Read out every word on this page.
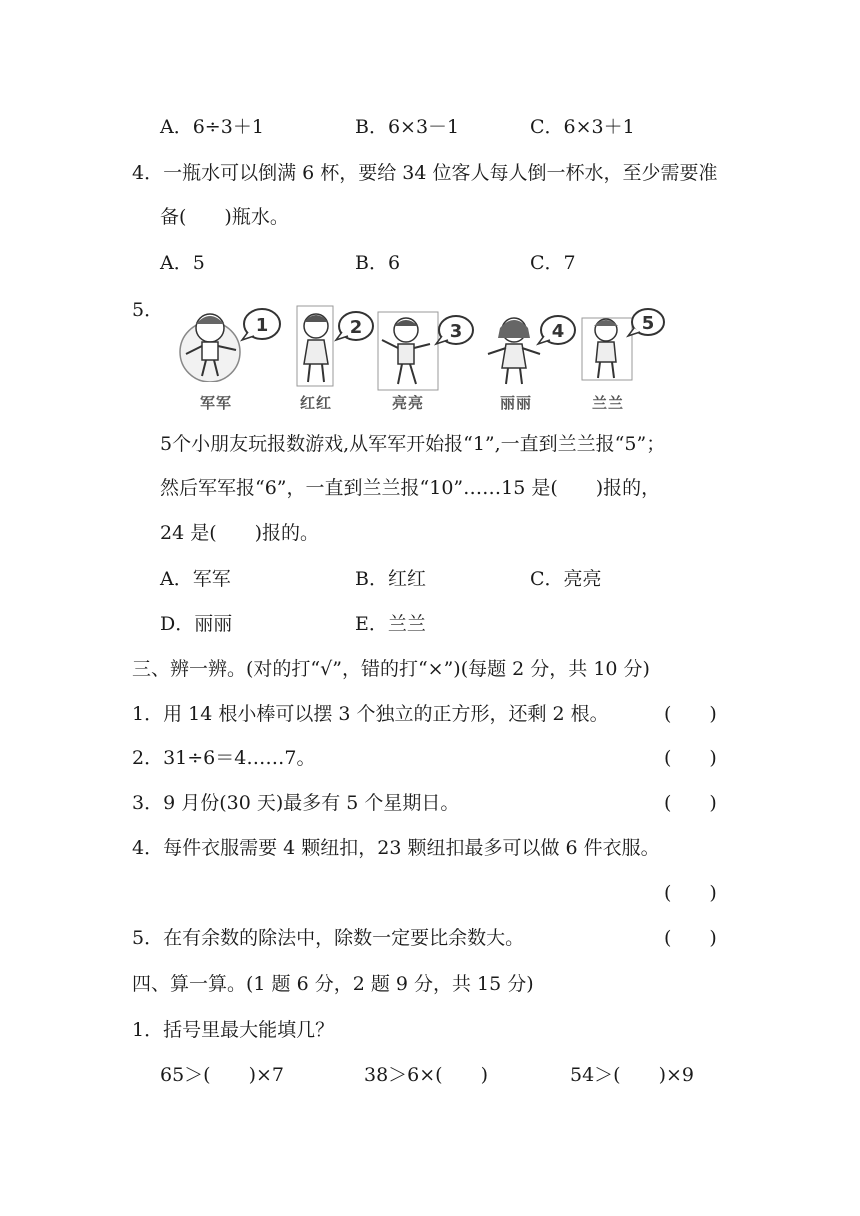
A．6÷3＋1	B．6×3－1	C．6×3＋1
4．一瓶水可以倒满 6 杯，要给 34 位客人每人倒一杯水，至少需要准
备(　　)瓶水。
A．5	B．6	C．7
5．
1
军军
2
红红
3
亮亮
4
丽丽
5
兰兰
5个小朋友玩报数游戏,从军军开始报“1”,一直到兰兰报“5”；
然后军军报“6”，一直到兰兰报“10”……15 是(　　)报的，
24 是(　　)报的。
A．军军	B．红红	C．亮亮
D．丽丽	E．兰兰
三、辨一辨。(对的打“√”，错的打“×”)(每题 2 分，共 10 分)
1．用 14 根小棒可以摆 3 个独立的正方形，还剩 2 根。	(　　)
2．31÷6＝4……7。	(　　)
3．9 月份(30 天)最多有 5 个星期日。	(　　)
4．每件衣服需要 4 颗纽扣，23 颗纽扣最多可以做 6 件衣服。
(　　)
5．在有余数的除法中，除数一定要比余数大。	(　　)
四、算一算。(1 题 6 分，2 题 9 分，共 15 分)
1．括号里最大能填几？
65＞(　　)×7	38＞6×(　　)	54＞(　　)×9
